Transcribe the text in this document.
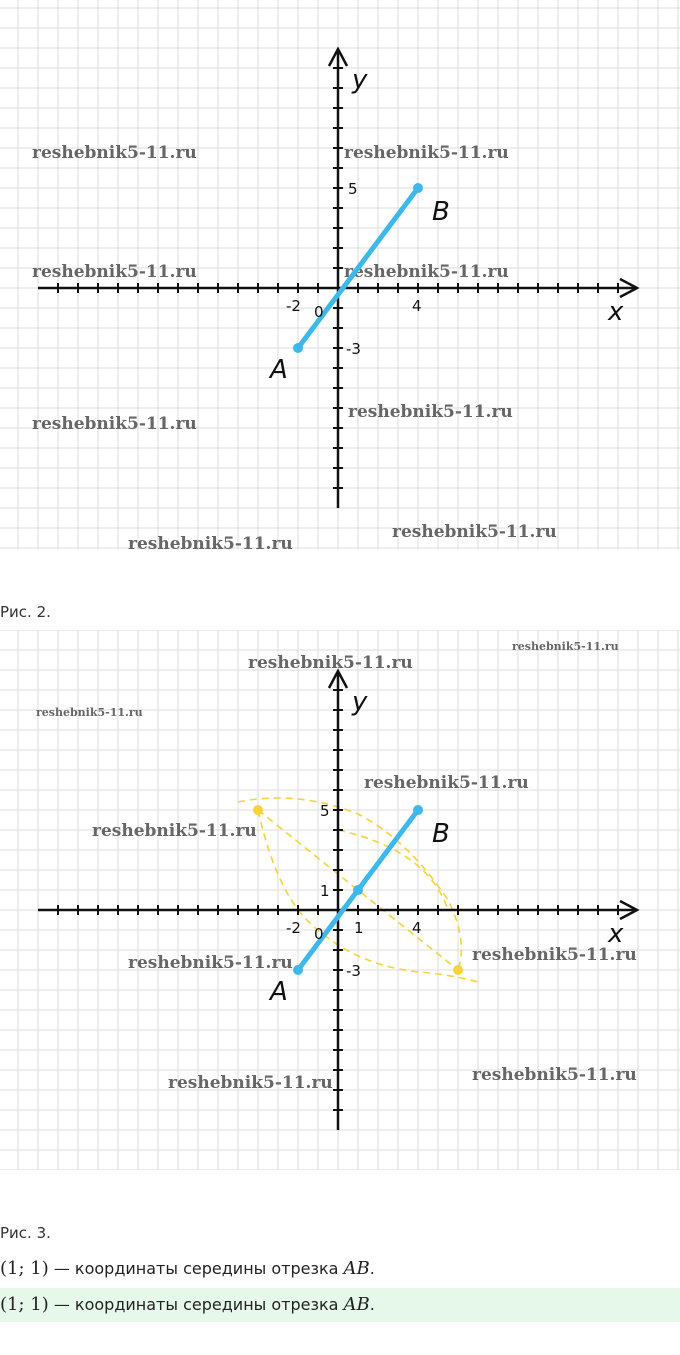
reshebnik5-11.ru	reshebnik5-11.ru
reshebnik5-11.ru	reshebnik5-11.ru
reshebnik5-11.ru
reshebnik5-11.ru
reshebnik5-11.ru
reshebnik5-11.ru
y
x
0
-2	4
5
-3
A
B
Рис. 2.
reshebnik5-11.ru
reshebnik5-11.ru
reshebnik5-11.ru
reshebnik5-11.ru
reshebnik5-11.ru
reshebnik5-11.ru
reshebnik5-11.ru
reshebnik5-11.ru	reshebnik5-11.ru
y
x
0
-2	1	4
5
1
-3
A
B
Рис. 3.
(1; 1) — координаты середины отрезка AB.
(1; 1) — координаты середины отрезка AB.
